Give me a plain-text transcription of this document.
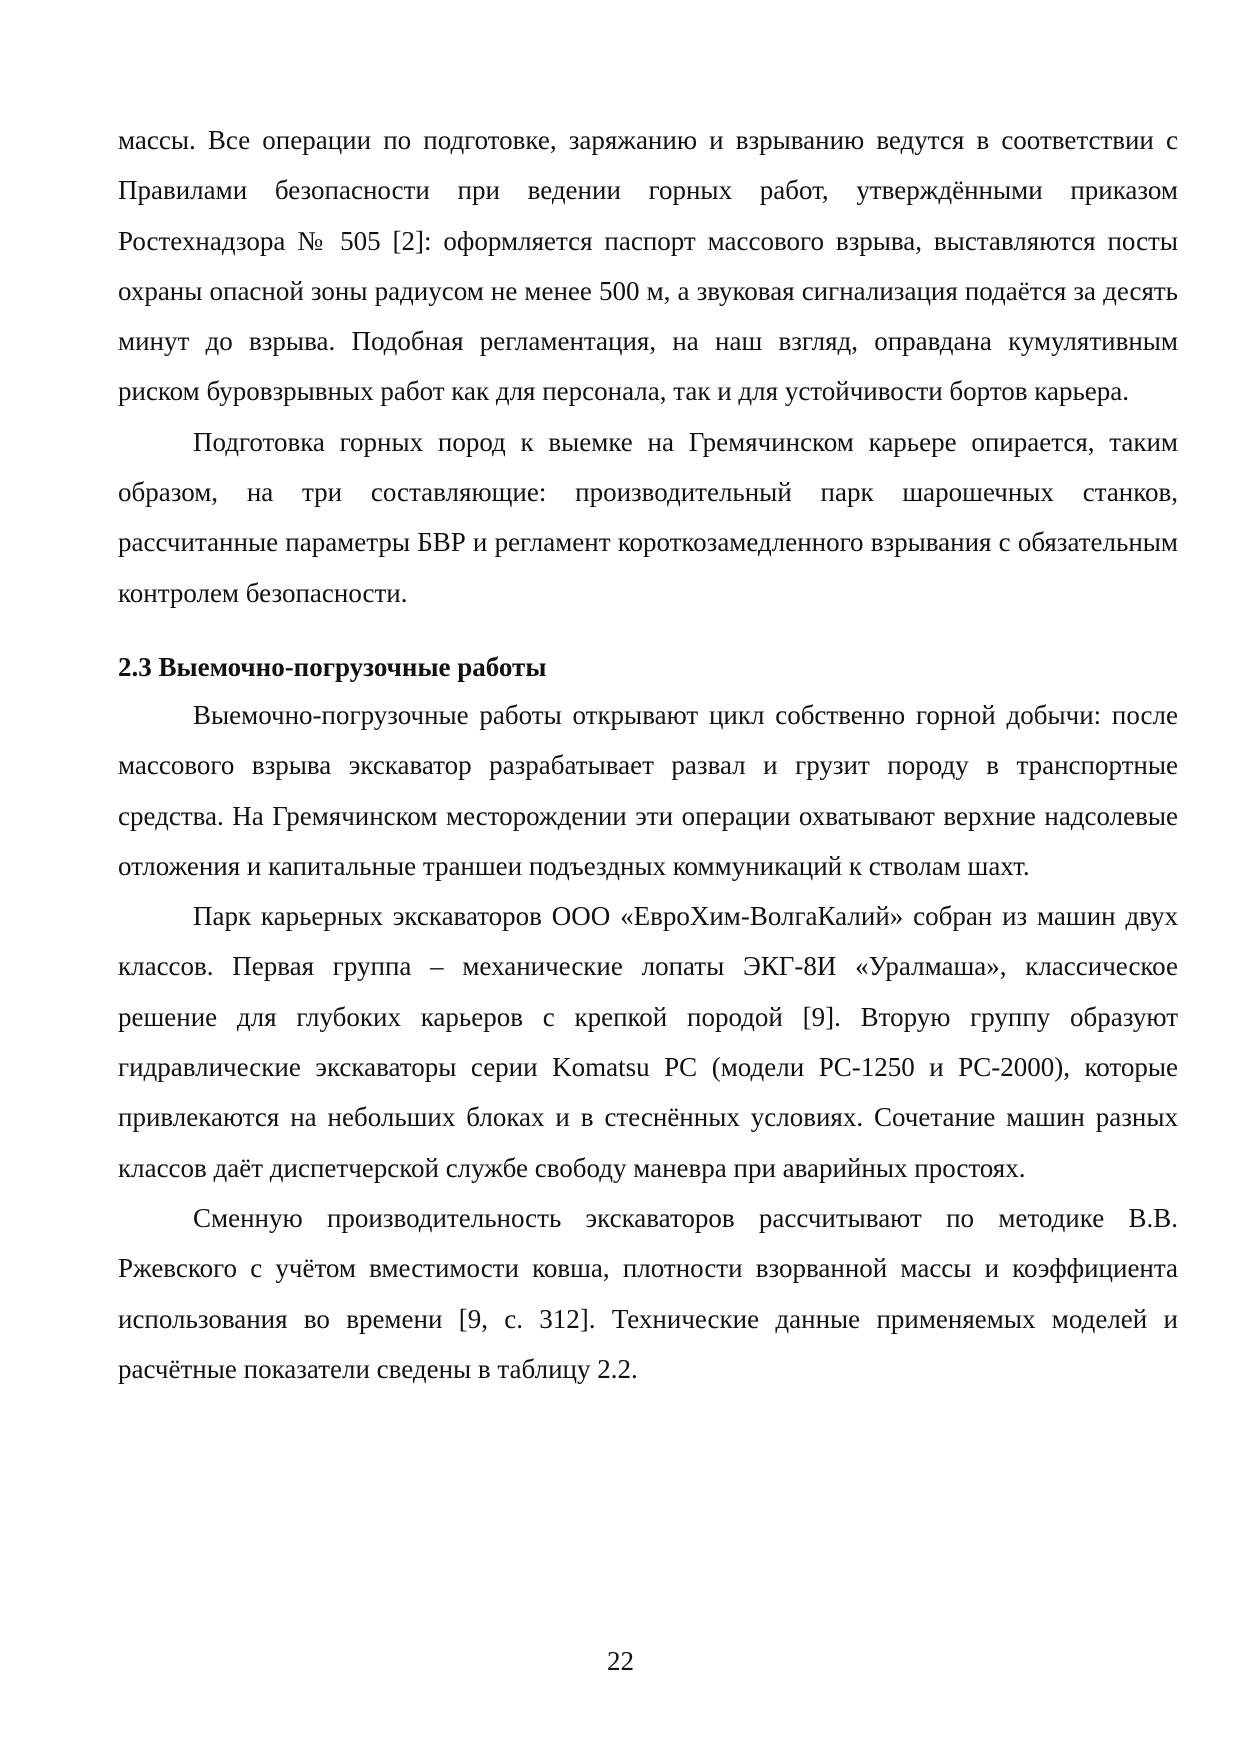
массы. Все операции по подготовке, заряжанию и взрыванию ведутся в соответствии с Правилами безопасности при ведении горных работ, утверждёнными приказом Ростехнадзора № 505 [2]: оформляется паспорт массового взрыва, выставляются посты охраны опасной зоны радиусом не менее 500 м, а звуковая сигнализация подаётся за десять минут до взрыва. Подобная регламентация, на наш взгляд, оправдана кумулятивным риском буровзрывных работ как для персонала, так и для устойчивости бортов карьера.

Подготовка горных пород к выемке на Гремячинском карьере опирается, таким образом, на три составляющие: производительный парк шарошечных станков, рассчитанные параметры БВР и регламент короткозамедленного взрывания с обязательным контролем безопасности.

2.3 Выемочно-погрузочные работы

Выемочно-погрузочные работы открывают цикл собственно горной добычи: после массового взрыва экскаватор разрабатывает развал и грузит породу в транспортные средства. На Гремячинском месторождении эти операции охватывают верхние надсолевые отложения и капитальные траншеи подъездных коммуникаций к стволам шахт.

Парк карьерных экскаваторов ООО «ЕвроХим-ВолгаКалий» собран из машин двух классов. Первая группа – механические лопаты ЭКГ-8И «Уралмаша», классическое решение для глубоких карьеров с крепкой породой [9]. Вторую группу образуют гидравлические экскаваторы серии Komatsu PC (модели PC-1250 и PC-2000), которые привлекаются на небольших блоках и в стеснённых условиях. Сочетание машин разных классов даёт диспетчерской службе свободу маневра при аварийных простоях.

Сменную производительность экскаваторов рассчитывают по методике В.В. Ржевского с учётом вместимости ковша, плотности взорванной массы и коэффициента использования во времени [9, с. 312]. Технические данные применяемых моделей и расчётные показатели сведены в таблицу 2.2.

22
